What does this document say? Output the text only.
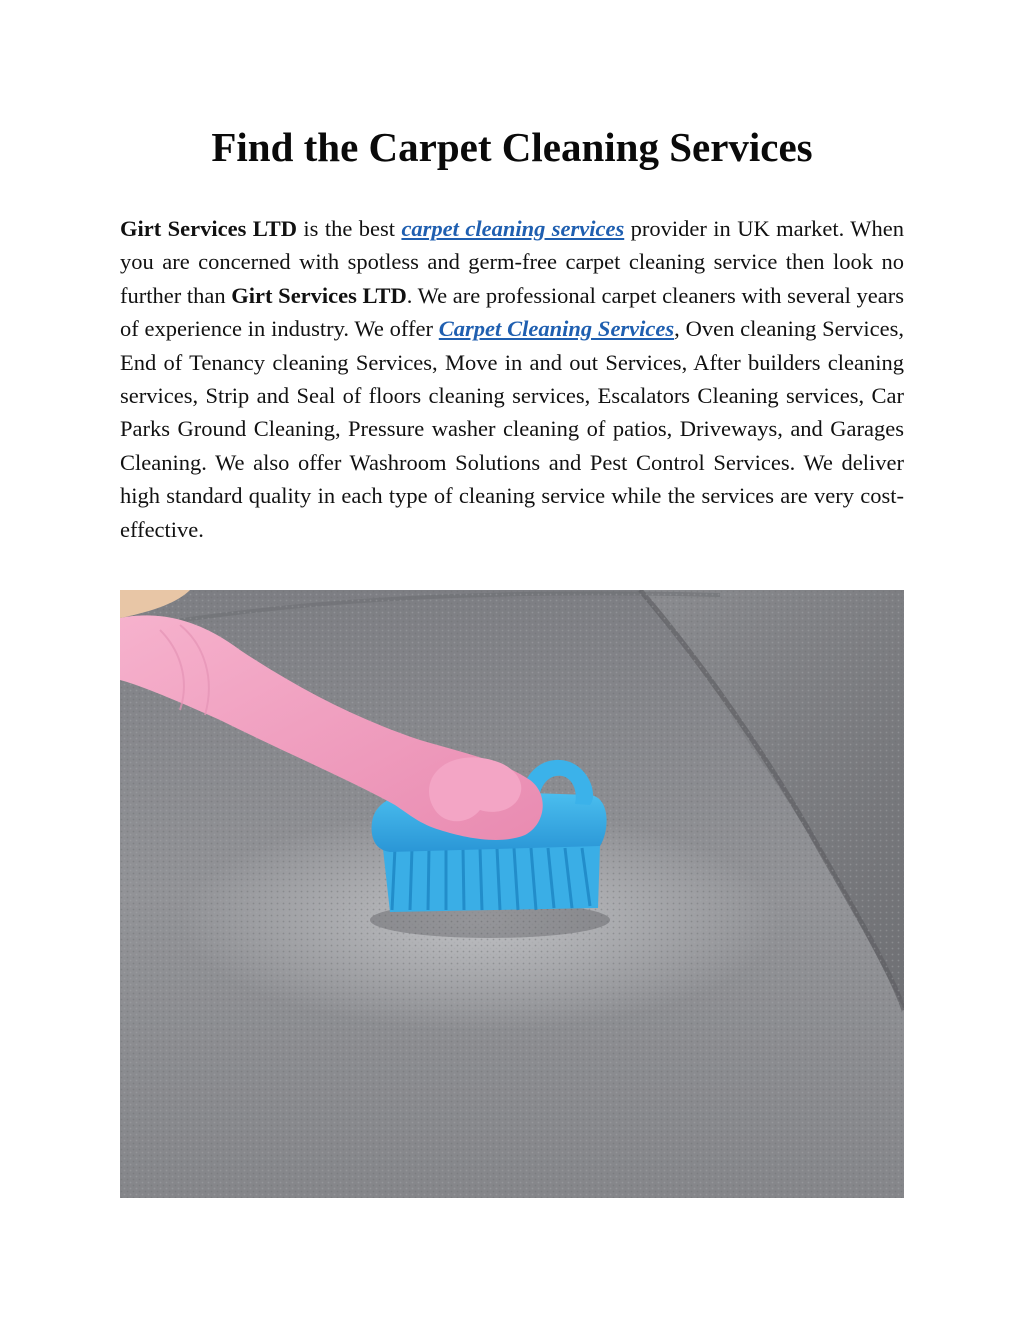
Find the Carpet Cleaning Services

Girt Services LTD is the best carpet cleaning services provider in UK market. When you are concerned with spotless and germ-free carpet cleaning service then look no further than Girt Services LTD. We are professional carpet cleaners with several years of experience in industry. We offer Carpet Cleaning Services, Oven cleaning Services, End of Tenancy cleaning Services, Move in and out Services, After builders cleaning services, Strip and Seal of floors cleaning services, Escalators Cleaning services, Car Parks Ground Cleaning, Pressure washer cleaning of patios, Driveways, and Garages Cleaning. We also offer Washroom Solutions and Pest Control Services. We deliver high standard quality in each type of cleaning service while the services are very cost-effective.
